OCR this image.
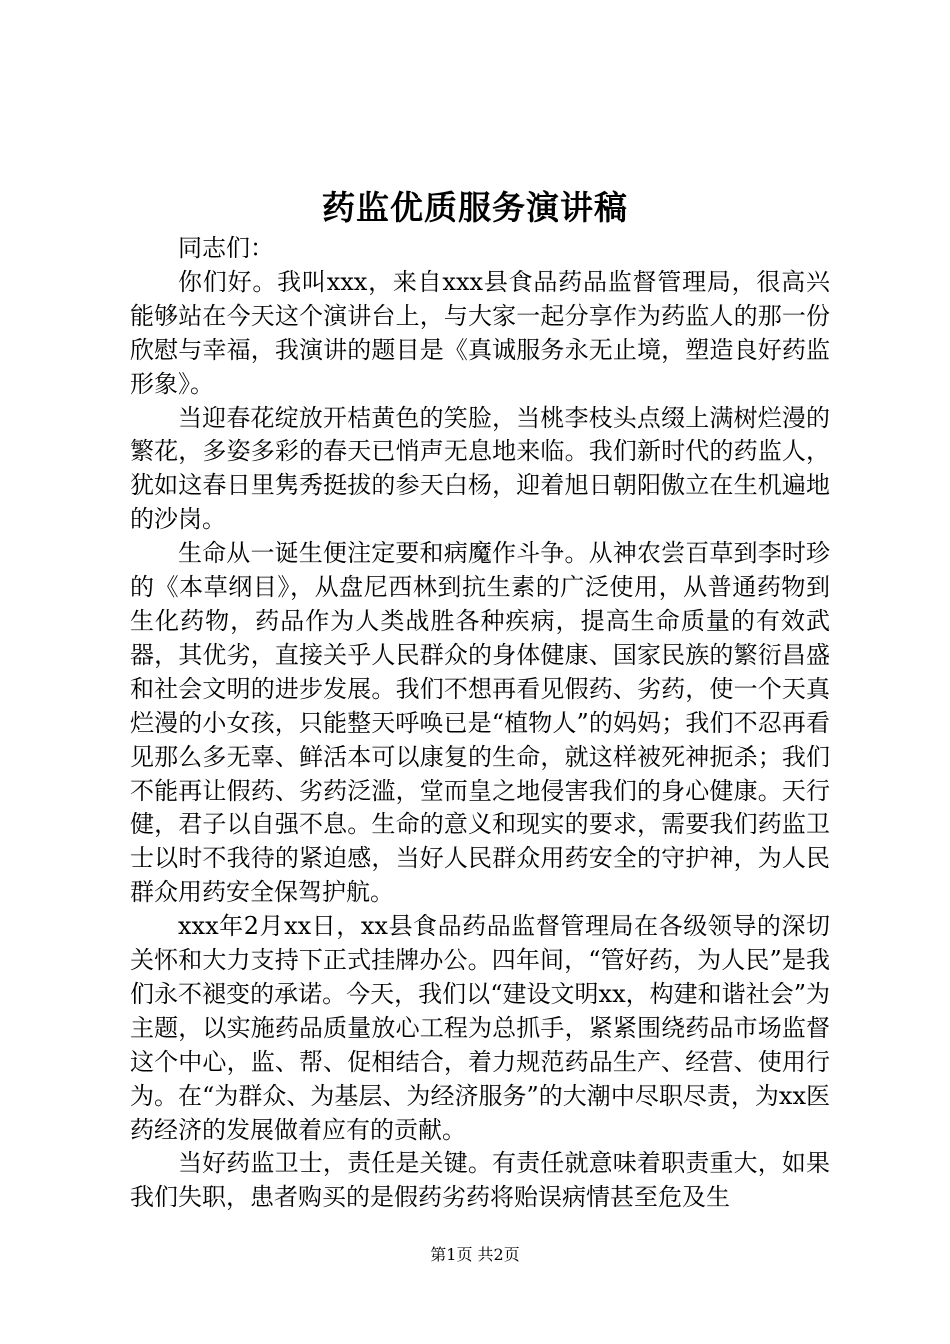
药监优质服务演讲稿

同志们：

你们好。我叫xxx，来自xxx县食品药品监督管理局，很高兴能够站在今天这个演讲台上，与大家一起分享作为药监人的那一份欣慰与幸福，我演讲的题目是《真诚服务永无止境，塑造良好药监形象》。

当迎春花绽放开桔黄色的笑脸，当桃李枝头点缀上满树烂漫的繁花，多姿多彩的春天已悄声无息地来临。我们新时代的药监人，犹如这春日里隽秀挺拔的参天白杨，迎着旭日朝阳傲立在生机遍地的沙岗。

生命从一诞生便注定要和病魔作斗争。从神农尝百草到李时珍的《本草纲目》，从盘尼西林到抗生素的广泛使用，从普通药物到生化药物，药品作为人类战胜各种疾病，提高生命质量的有效武器，其优劣，直接关乎人民群众的身体健康、国家民族的繁衍昌盛和社会文明的进步发展。我们不想再看见假药、劣药，使一个天真烂漫的小女孩，只能整天呼唤已是“植物人”的妈妈；我们不忍再看见那么多无辜、鲜活本可以康复的生命，就这样被死神扼杀；我们不能再让假药、劣药泛滥，堂而皇之地侵害我们的身心健康。天行健，君子以自强不息。生命的意义和现实的要求，需要我们药监卫士以时不我待的紧迫感，当好人民群众用药安全的守护神，为人民群众用药安全保驾护航。

xxx年2月xx日，xx县食品药品监督管理局在各级领导的深切关怀和大力支持下正式挂牌办公。四年间，“管好药，为人民”是我们永不褪变的承诺。今天，我们以“建设文明xx，构建和谐社会”为主题，以实施药品质量放心工程为总抓手，紧紧围绕药品市场监督这个中心，监、帮、促相结合，着力规范药品生产、经营、使用行为。在“为群众、为基层、为经济服务”的大潮中尽职尽责，为xx医药经济的发展做着应有的贡献。

当好药监卫士，责任是关键。有责任就意味着职责重大，如果我们失职，患者购买的是假药劣药将贻误病情甚至危及生

第1页 共2页
